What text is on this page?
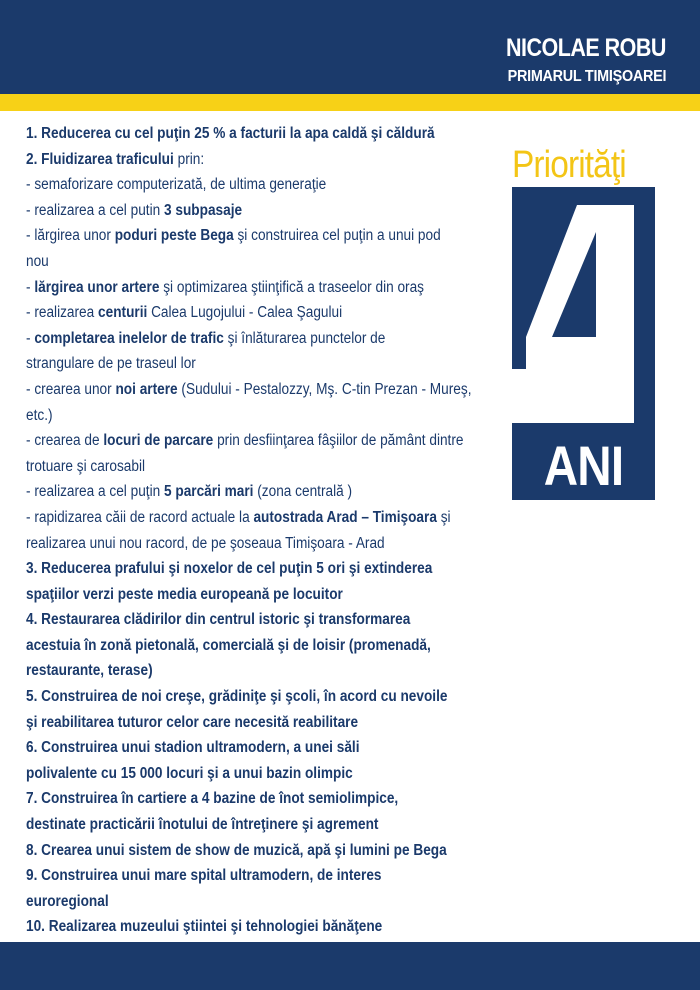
NICOLAE ROBU
PRIMARUL TIMIŞOAREI
1. Reducerea cu cel puţin 25 % a facturii la apa caldă şi căldură
2. Fluidizarea traficului prin:
- semaforizare computerizată, de ultima generaţie
- realizarea a cel putin 3 subpasaje
- lărgirea unor poduri peste Bega şi construirea cel puţin a unui pod
nou
- lărgirea unor artere şi optimizarea ştiinţifică a traseelor din oraş
- realizarea centurii Calea Lugojului - Calea Şagului
- completarea inelelor de trafic şi înlăturarea punctelor de
strangulare de pe traseul lor
- crearea unor noi artere (Sudului - Pestalozzy, Mş. C-tin Prezan - Mureş,
etc.)
- crearea de locuri de parcare prin desfiinţarea fâşiilor de pământ dintre
trotuare şi carosabil
- realizarea a cel puţin 5 parcări mari (zona centrală )
- rapidizarea căii de racord actuale la autostrada Arad – Timişoara şi
realizarea unui nou racord, de pe şoseaua Timişoara - Arad
3. Reducerea prafului şi noxelor de cel puţin 5 ori şi extinderea
spaţiilor verzi peste media europeană pe locuitor
4. Restaurarea clădirilor din centrul istoric şi transformarea
acestuia în zonă pietonală, comercială şi de loisir (promenadă,
restaurante, terase)
5. Construirea de noi creşe, grădiniţe şi şcoli, în acord cu nevoile
şi reabilitarea tuturor celor care necesită reabilitare
6. Construirea unui stadion ultramodern, a unei săli
polivalente cu 15 000 locuri şi a unui bazin olimpic
7. Construirea în cartiere a 4 bazine de înot semiolimpice,
destinate practicării înotului de întreţinere şi agrement
8. Crearea unui sistem de show de muzică, apă şi lumini pe Bega
9. Construirea unui mare spital ultramodern, de interes
euroregional
10. Realizarea muzeului ştiintei şi tehnologiei bănăţene
Priorităţi
ANI
